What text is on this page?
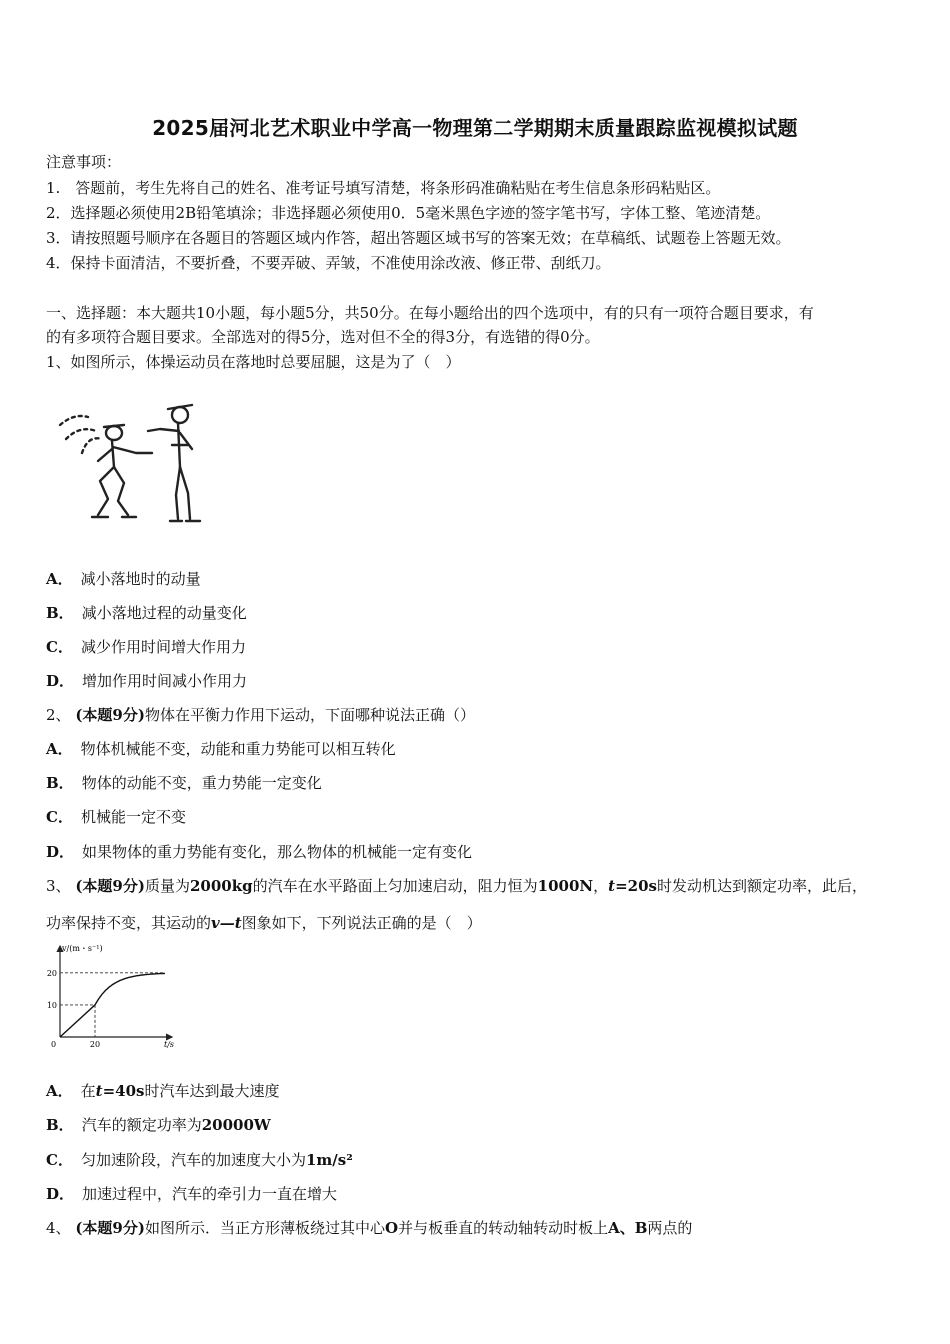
2025届河北艺术职业中学高一物理第二学期期末质量跟踪监视模拟试题
注意事项：
1.　答题前，考生先将自己的姓名、准考证号填写清楚，将条形码准确粘贴在考生信息条形码粘贴区。
2．选择题必须使用2B铅笔填涂；非选择题必须使用0．5毫米黑色字迹的签字笔书写，字体工整、笔迹清楚。
3．请按照题号顺序在各题目的答题区域内作答，超出答题区域书写的答案无效；在草稿纸、试题卷上答题无效。
4．保持卡面清洁，不要折叠，不要弄破、弄皱，不准使用涂改液、修正带、刮纸刀。
一、选择题：本大题共10小题，每小题5分，共50分。在每小题给出的四个选项中，有的只有一项符合题目要求，有
的有多项符合题目要求。全部选对的得5分，选对但不全的得3分，有选错的得0分。
1、如图所示，体操运动员在落地时总要屈腿，这是为了（　）
A． 减小落地时的动量
B． 减小落地过程的动量变化
C． 减少作用时间增大作用力
D． 增加作用时间减小作用力
2、 (本题9分)物体在平衡力作用下运动，下面哪种说法正确（）
A． 物体机械能不变，动能和重力势能可以相互转化
B． 物体的动能不变，重力势能一定变化
C． 机械能一定不变
D． 如果物体的重力势能有变化，那么物体的机械能一定有变化
3、 (本题9分)质量为2000kg的汽车在水平路面上匀加速启动，阻力恒为1000N，t=20s时发动机达到额定功率，此后，
功率保持不变，其运动的v—t图象如下，下列说法正确的是（　）
v/(m・s⁻¹)
t/s
0	20
10
20
A． 在t=40s时汽车达到最大速度
B． 汽车的额定功率为20000W
C． 匀加速阶段，汽车的加速度大小为1m/s²
D． 加速过程中，汽车的牵引力一直在增大
4、 (本题9分)如图所示．当正方形薄板绕过其中心O并与板垂直的转动轴转动时板上A、B两点的
